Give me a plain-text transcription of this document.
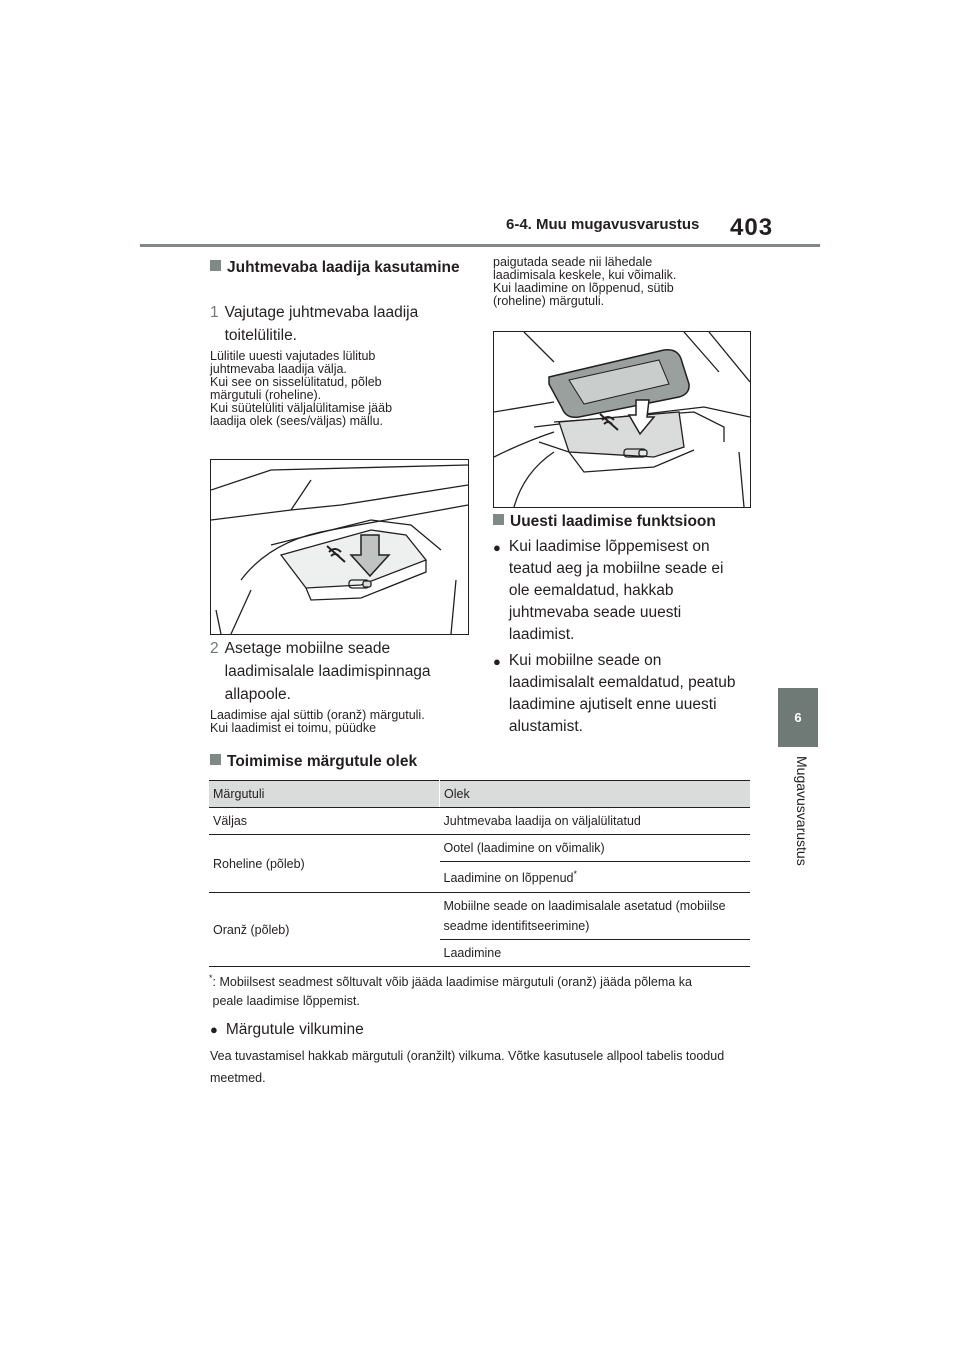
6-4. Muu mugavusvarustus 403
6
Mugavusvarustus
Juhtmevaba laadija kasutamine
1 Vajutage juhtmevaba laadija toitelülitile.
Lülitile uuesti vajutades lülitub
juhtmevaba laadija välja.
Kui see on sisselülitatud, põleb
märgutuli (roheline).
Kui süütelüliti väljalülitamise jääb
laadija olek (sees/väljas) mällu.
2 Asetage mobiilne seade laadimisalale laadimispinnaga allapoole.
Laadimise ajal süttib (oranž) märgutuli.
Kui laadimist ei toimu, püüdke
paigutada seade nii lähedale
laadimisala keskele, kui võimalik.
Kui laadimine on lõppenud, sütib
(roheline) märgutuli.
Uuesti laadimise funktsioon
● Kui laadimise lõppemisest on teatud aeg ja mobiilne seade ei ole eemaldatud, hakkab juhtmevaba seade uuesti laadimist.
● Kui mobiilne seade on laadimisalalt eemaldatud, peatub laadimine ajutiselt enne uuesti alustamist.
Toimimise märgutule olek
Märgutuli	Olek
Väljas	Juhtmevaba laadija on väljalülitatud
Roheline (põleb)	Ootel (laadimine on võimalik)
	Laadimine on lõppenud*
Oranž (põleb)	Mobiilne seade on laadimisalale asetatud (mobiilse seadme identifitseerimine)
	Laadimine
* : Mobiilsest seadmest sõltuvalt võib jääda laadimise märgutuli (oranž) jääda põlema ka peale laadimise lõppemist.
● Märgutule vilkumine
Vea tuvastamisel hakkab märgutuli (oranžilt) vilkuma. Võtke kasutusele allpool tabelis toodud meetmed.
